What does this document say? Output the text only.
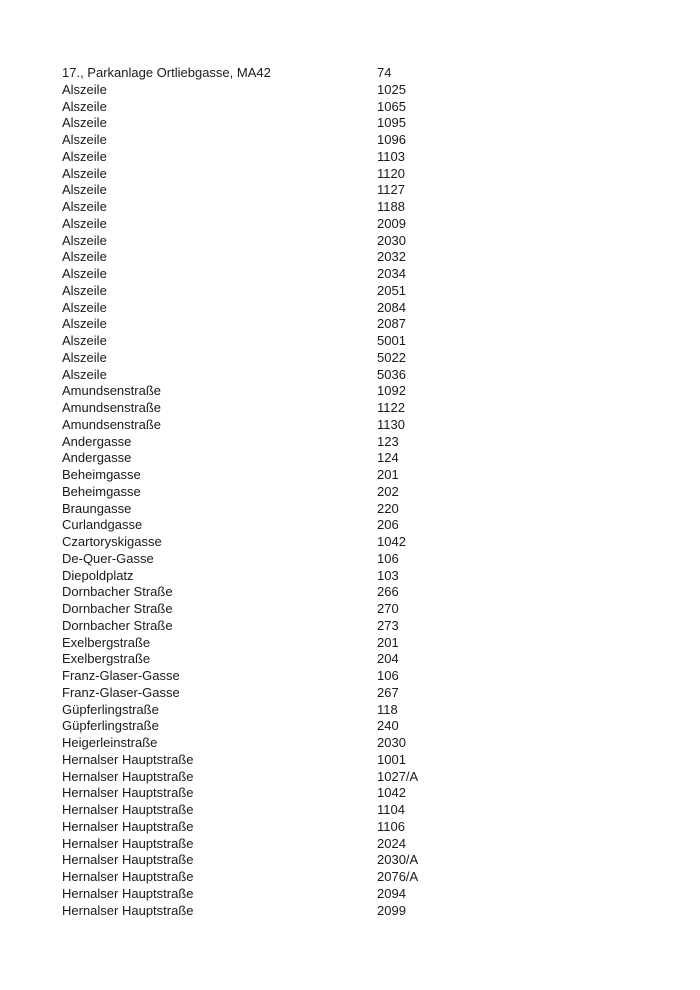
17., Parkanlage Ortliebgasse, MA42	74
Alszeile	1025
Alszeile	1065
Alszeile	1095
Alszeile	1096
Alszeile	1103
Alszeile	1120
Alszeile	1127
Alszeile	1188
Alszeile	2009
Alszeile	2030
Alszeile	2032
Alszeile	2034
Alszeile	2051
Alszeile	2084
Alszeile	2087
Alszeile	5001
Alszeile	5022
Alszeile	5036
Amundsenstraße	1092
Amundsenstraße	1122
Amundsenstraße	1130
Andergasse	123
Andergasse	124
Beheimgasse	201
Beheimgasse	202
Braungasse	220
Curlandgasse	206
Czartoryskigasse	1042
De-Quer-Gasse	106
Diepoldplatz	103
Dornbacher Straße	266
Dornbacher Straße	270
Dornbacher Straße	273
Exelbergstraße	201
Exelbergstraße	204
Franz-Glaser-Gasse	106
Franz-Glaser-Gasse	267
Güpferlingstraße	118
Güpferlingstraße	240
Heigerleinstraße	2030
Hernalser Hauptstraße	1001
Hernalser Hauptstraße	1027/A
Hernalser Hauptstraße	1042
Hernalser Hauptstraße	1104
Hernalser Hauptstraße	1106
Hernalser Hauptstraße	2024
Hernalser Hauptstraße	2030/A
Hernalser Hauptstraße	2076/A
Hernalser Hauptstraße	2094
Hernalser Hauptstraße	2099
